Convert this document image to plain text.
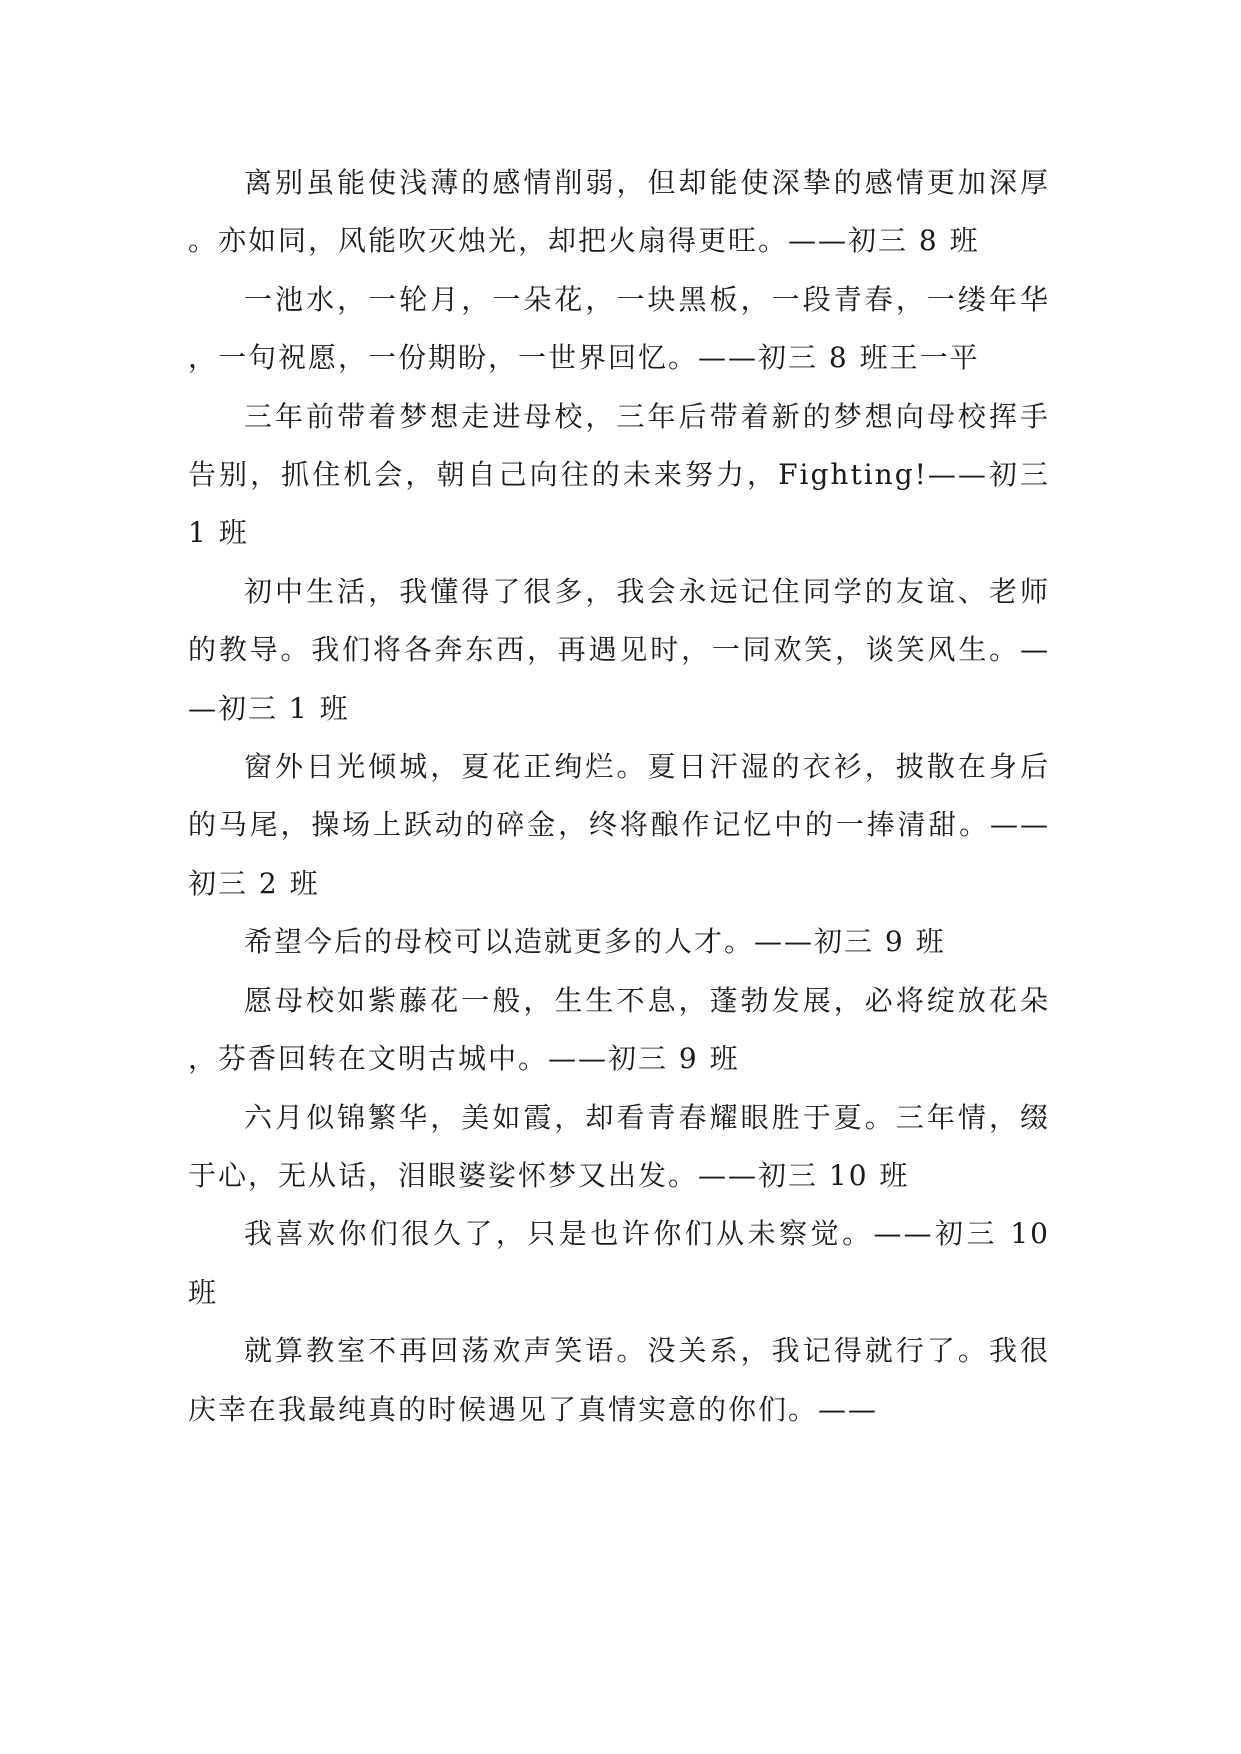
离别虽能使浅薄的感情削弱，但却能使深挚的感情更加深厚。亦如同，风能吹灭烛光，却把火扇得更旺。——初三 8 班

一池水，一轮月，一朵花，一块黑板，一段青春，一缕年华，一句祝愿，一份期盼，一世界回忆。——初三 8 班王一平

三年前带着梦想走进母校，三年后带着新的梦想向母校挥手告别，抓住机会，朝自己向往的未来努力，Fighting!——初三 1 班

初中生活，我懂得了很多，我会永远记住同学的友谊、老师的教导。我们将各奔东西，再遇见时，一同欢笑，谈笑风生。——初三 1 班

窗外日光倾城，夏花正绚烂。夏日汗湿的衣衫，披散在身后的马尾，操场上跃动的碎金，终将酿作记忆中的一捧清甜。——初三 2 班

希望今后的母校可以造就更多的人才。——初三 9 班

愿母校如紫藤花一般，生生不息，蓬勃发展，必将绽放花朵，芬香回转在文明古城中。——初三 9 班

六月似锦繁华，美如霞，却看青春耀眼胜于夏。三年情，缀于心，无从话，泪眼婆娑怀梦又出发。——初三 10 班

我喜欢你们很久了，只是也许你们从未察觉。——初三 10 班

就算教室不再回荡欢声笑语。没关系，我记得就行了。我很庆幸在我最纯真的时候遇见了真情实意的你们。——
